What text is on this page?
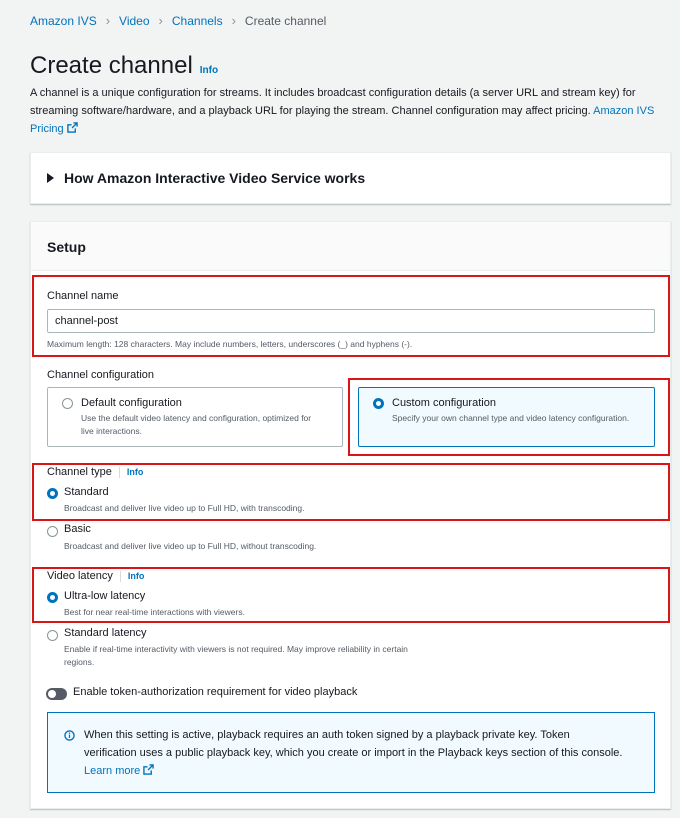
Amazon IVS › Video › Channels › Create channel
Create channel Info

A channel is a unique configuration for streams. It includes broadcast configuration details (a server URL and stream key) for streaming software/hardware, and a playback URL for playing the stream. Channel configuration may affect pricing. Amazon IVS Pricing

How Amazon Interactive Video Service works
Setup
Channel name
channel-post
Maximum length: 128 characters. May include numbers, letters, underscores (_) and hyphens (-).
Channel configuration
Default configuration
Use the default video latency and configuration, optimized for live interactions.
Custom configuration
Specify your own channel type and video latency configuration.
Channel type Info
Standard
Broadcast and deliver live video up to Full HD, with transcoding.
Basic
Broadcast and deliver live video up to Full HD, without transcoding.
Video latency Info
Ultra-low latency
Best for near real-time interactions with viewers.
Standard latency
Enable if real-time interactivity with viewers is not required. May improve reliability in certain
regions.
Enable token-authorization requirement for video playback

When this setting is active, playback requires an auth token signed by a playback private key. Token verification uses a public playback key, which you create or import in the Playback keys section of this console. Learn more
